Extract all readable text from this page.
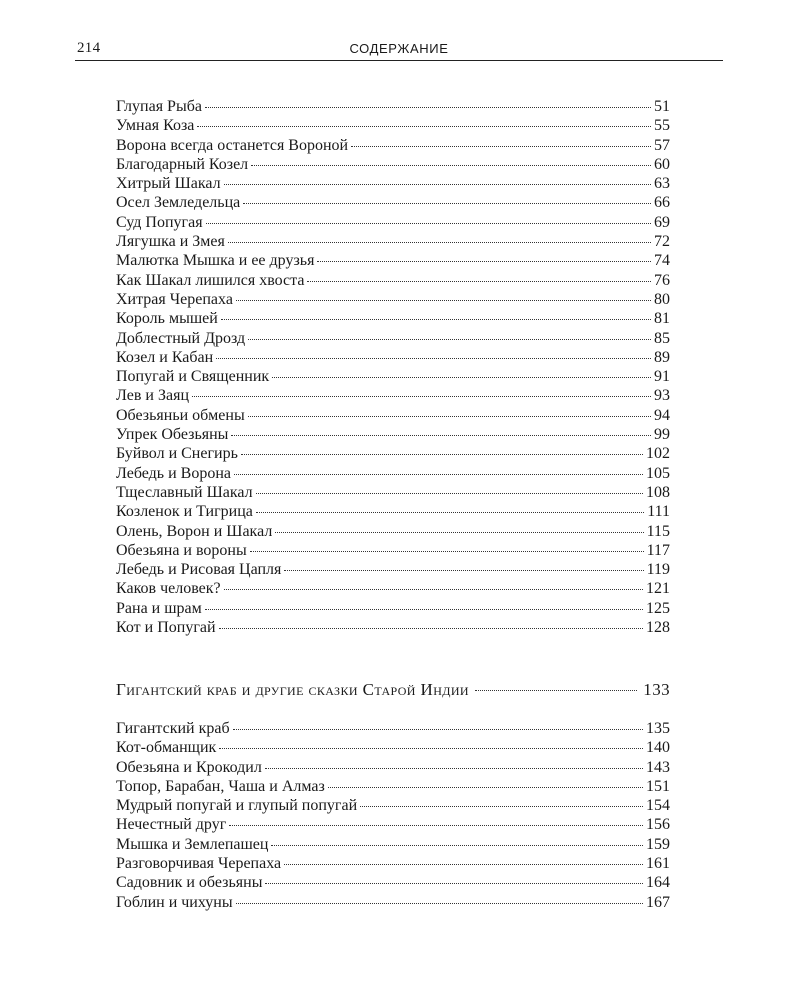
214	СОДЕРЖАНИЕ
Глупая Рыба	51
Умная Коза	55
Ворона всегда останется Вороной	57
Благодарный Козел	60
Хитрый Шакал	63
Осел Земледельца	66
Суд Попугая	69
Лягушка и Змея	72
Малютка Мышка и ее друзья	74
Как Шакал лишился хвоста	76
Хитрая Черепаха	80
Король мышей	81
Доблестный Дрозд	85
Козел и Кабан	89
Попугай и Священник	91
Лев и Заяц	93
Обезьяньи обмены	94
Упрек Обезьяны	99
Буйвол и Снегирь	102
Лебедь и Ворона	105
Тщеславный Шакал	108
Козленок и Тигрица	111
Олень, Ворон и Шакал	115
Обезьяна и вороны	117
Лебедь и Рисовая Цапля	119
Каков человек?	121
Рана и шрам	125
Кот и Попугай	128
Гигантский краб и другие сказки Старой Индии	133
Гигантский краб	135
Кот-обманщик	140
Обезьяна и Крокодил	143
Топор, Барабан, Чаша и Алмаз	151
Мудрый попугай и глупый попугай	154
Нечестный друг	156
Мышка и Землепашец	159
Разговорчивая Черепаха	161
Садовник и обезьяны	164
Гоблин и чихуны	167
